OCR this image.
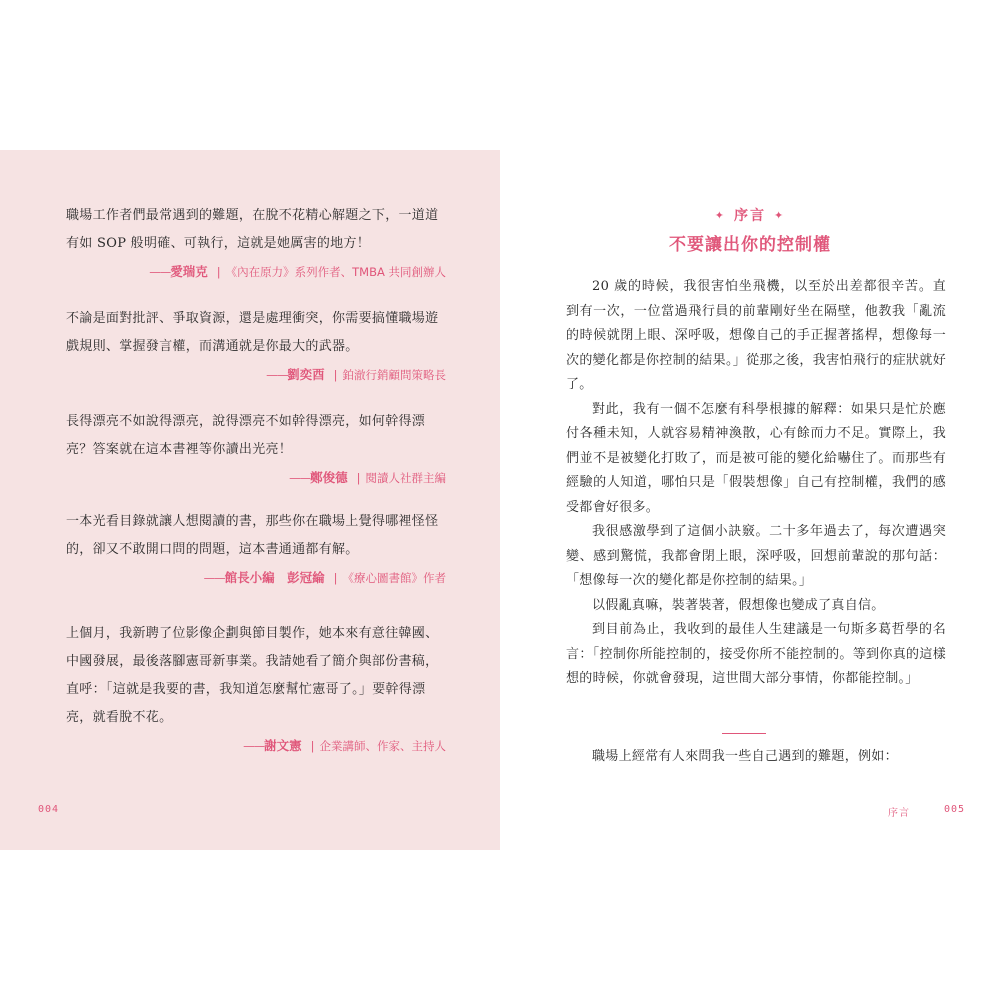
職場工作者們最常遇到的難題，在脫不花精心解題之下，一道道有如 SOP 般明確、可執行，這就是她厲害的地方！

——愛瑞克 | 《內在原力》系列作者、TMBA 共同創辦人

不論是面對批評、爭取資源，還是處理衝突，你需要搞懂職場遊戲規則、掌握發言權，而溝通就是你最大的武器。

——劉奕酉 | 鉑澈行銷顧問策略長

長得漂亮不如說得漂亮，說得漂亮不如幹得漂亮，如何幹得漂亮？答案就在這本書裡等你讀出光亮！

——鄭俊德 | 閱讀人社群主編

一本光看目錄就讓人想閱讀的書，那些你在職場上覺得哪裡怪怪的，卻又不敢開口問的問題，這本書通通都有解。

——館長小編　彭冠綸 | 《療心圖書館》作者

上個月，我新聘了位影像企劃與節目製作，她本來有意往韓國、中國發展，最後落腳憲哥新事業。我請她看了簡介與部份書稿，直呼：「這就是我要的書，我知道怎麼幫忙憲哥了。」要幹得漂亮，就看脫不花。

——謝文憲 | 企業講師、作家、主持人
004
✦ 序言 ✦
不要讓出你的控制權

20 歲的時候，我很害怕坐飛機，以至於出差都很辛苦。直到有一次，一位當過飛行員的前輩剛好坐在隔壁，他教我「亂流的時候就閉上眼、深呼吸，想像自己的手正握著搖桿，想像每一次的變化都是你控制的結果。」從那之後，我害怕飛行的症狀就好了。

對此，我有一個不怎麼有科學根據的解釋：如果只是忙於應付各種未知，人就容易精神渙散，心有餘而力不足。實際上，我們並不是被變化打敗了，而是被可能的變化給嚇住了。而那些有經驗的人知道，哪怕只是「假裝想像」自己有控制權，我們的感受都會好很多。

我很感激學到了這個小訣竅。二十多年過去了，每次遭遇突變、感到驚慌，我都會閉上眼，深呼吸，回想前輩說的那句話：「想像每一次的變化都是你控制的結果。」

以假亂真嘛，裝著裝著，假想像也變成了真自信。

到目前為止，我收到的最佳人生建議是一句斯多葛哲學的名言：「控制你所能控制的，接受你所不能控制的。等到你真的這樣想的時候，你就會發現，這世間大部分事情，你都能控制。」

職場上經常有人來問我一些自己遇到的難題，例如：

序言	005
